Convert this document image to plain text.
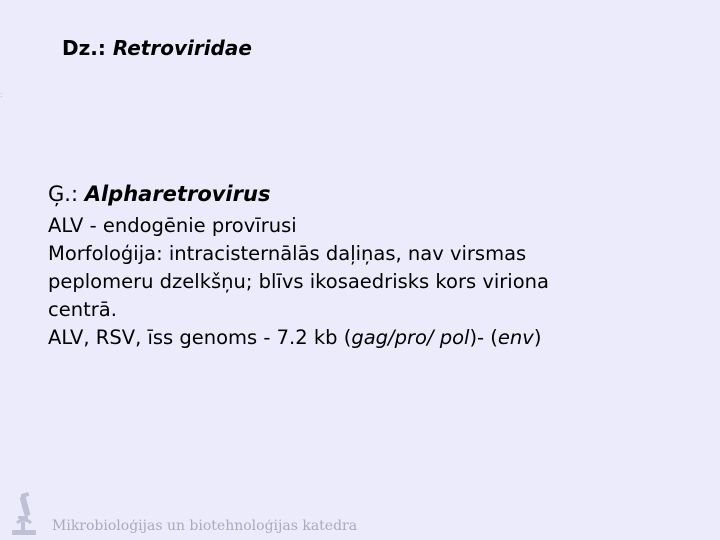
:
Dz.: Retroviridae
Ģ.: Alpharetrovirus
ALV - endogēnie provīrusi
Morfoloģija: intracisternālās daļiņas, nav virsmas
peplomeru dzelkšņu; blīvs ikosaedrisks kors viriona
centrā.
ALV, RSV, īss genoms - 7.2 kb (gag/pro/ pol)- (env)
Mikrobioloģijas un biotehnoloģijas katedra
